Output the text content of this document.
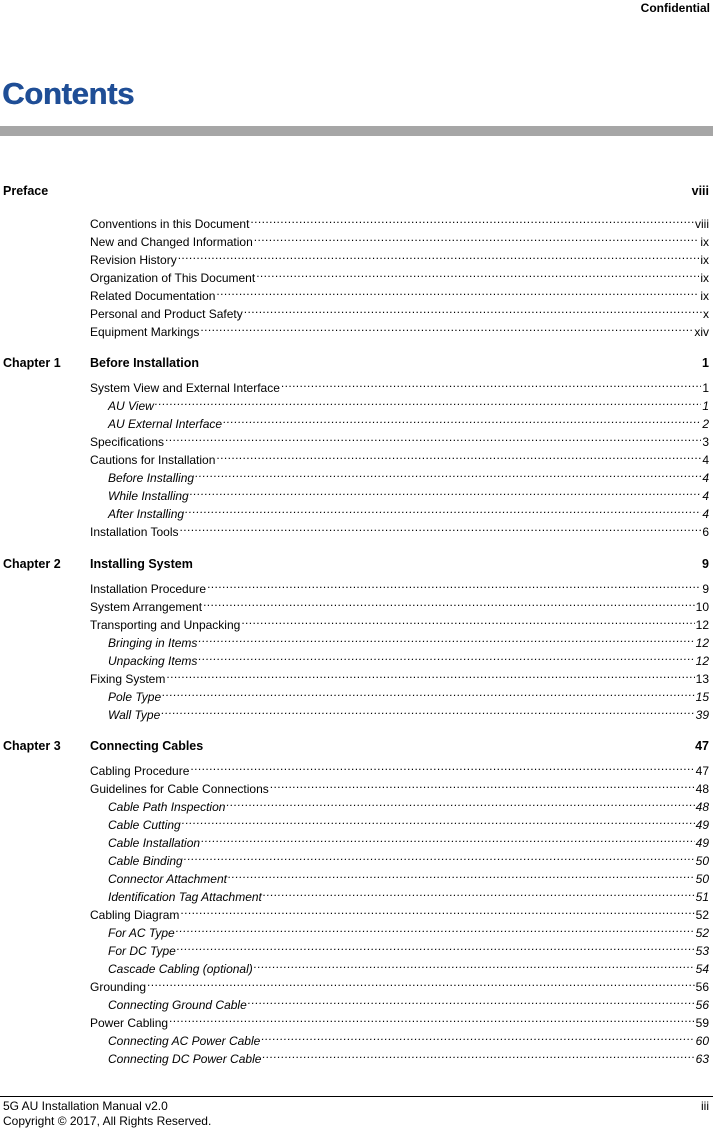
Confidential
Contents
Preface	viii
Conventions in this Document .....	viii
New and Changed Information .....	ix
Revision History .....	ix
Organization of This Document .....	ix
Related Documentation .....	ix
Personal and Product Safety .....	x
Equipment Markings .....	xiv
Chapter 1 Before Installation	1
System View and External Interface .....	1
AU View .....	1
AU External Interface .....	2
Specifications .....	3
Cautions for Installation .....	4
Before Installing .....	4
While Installing .....	4
After Installing .....	4
Installation Tools .....	6
Chapter 2 Installing System	9
Installation Procedure .....	9
System Arrangement .....	10
Transporting and Unpacking .....	12
Bringing in Items .....	12
Unpacking Items .....	12
Fixing System .....	13
Pole Type .....	15
Wall Type .....	39
Chapter 3 Connecting Cables	47
Cabling Procedure .....	47
Guidelines for Cable Connections .....	48
Cable Path Inspection .....	48
Cable Cutting .....	49
Cable Installation .....	49
Cable Binding .....	50
Connector Attachment .....	50
Identification Tag Attachment .....	51
Cabling Diagram .....	52
For AC Type .....	52
For DC Type .....	53
Cascade Cabling (optional) .....	54
Grounding .....	56
Connecting Ground Cable .....	56
Power Cabling .....	59
Connecting AC Power Cable .....	60
Connecting DC Power Cable .....	63
5G AU Installation Manual v2.0
Copyright © 2017, All Rights Reserved.
iii
